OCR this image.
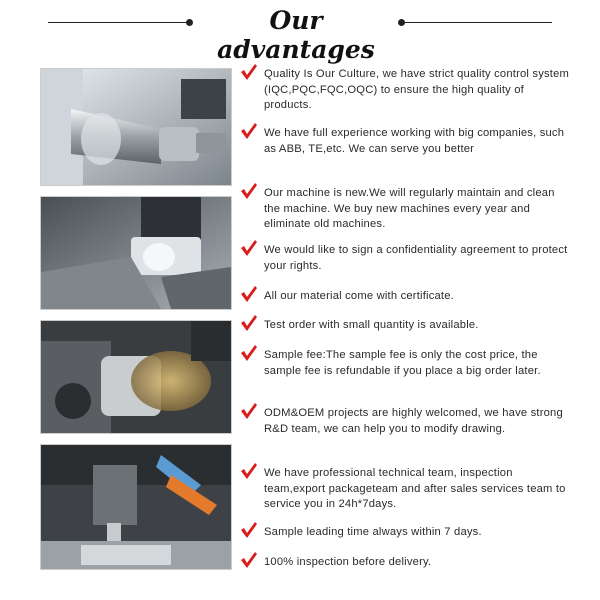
Our advantages
Quality Is Our Culture, we have strict quality control system (IQC,PQC,FQC,OQC) to ensure the high quality of products.
We have full experience working with big companies, such as ABB, TE,etc. We can serve you better
Our machine is new.We will regularly maintain and clean the machine. We buy new machines every year and eliminate old machines.
We would like to sign a confidentiality agreement to protect your rights.
All our material come with certificate.
Test order with small quantity is available.
Sample fee:The sample fee is only the cost price, the sample fee is refundable if you place a big order later.
ODM&OEM projects are highly welcomed, we have strong R&D team, we can help you to modify drawing.
We have professional technical team, inspection team,export packageteam and after sales services team to service you in 24h*7days.
Sample leading time always within 7 days.
100% inspection before delivery.
